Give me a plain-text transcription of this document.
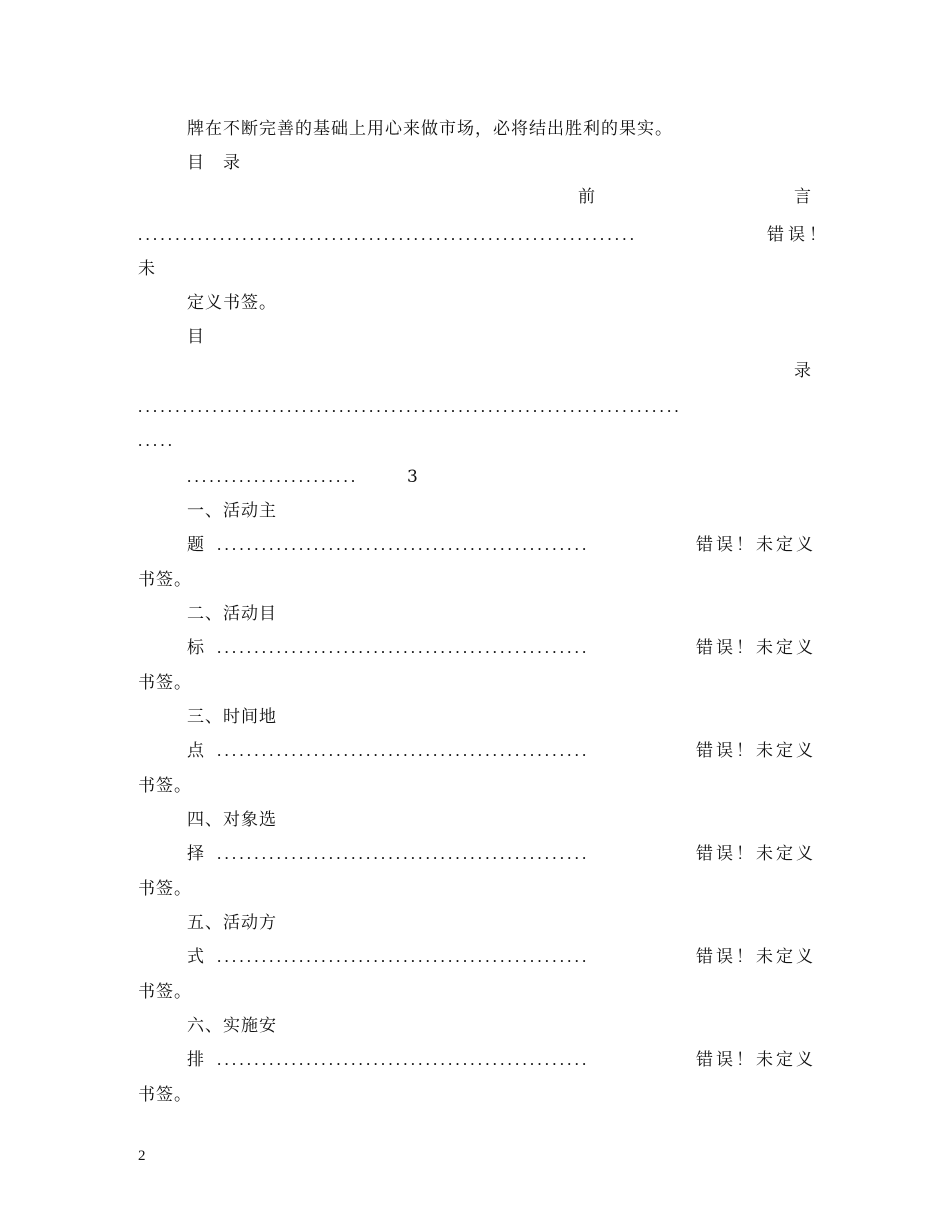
牌在不断完善的基础上用心来做市场，必将结出胜利的果实。
目　录
前	言
...................................................................	错误！
未
定义书签。
目
录
.........................................................................
.....
.......................	3
一、活动主
题 ..................................................	错误！未定义
书签。
二、活动目
标 ..................................................	错误！未定义
书签。
三、时间地
点 ..................................................	错误！未定义
书签。
四、对象选
择 ..................................................	错误！未定义
书签。
五、活动方
式 ..................................................	错误！未定义
书签。
六、实施安
排 ..................................................	错误！未定义
书签。
2
